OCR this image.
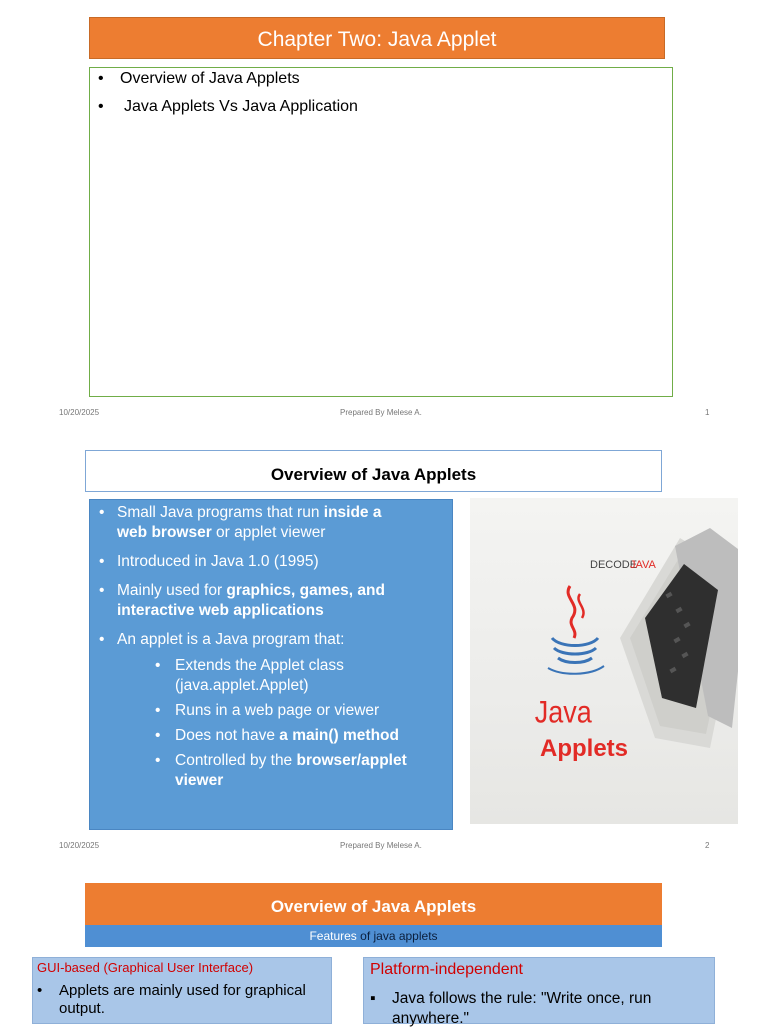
Chapter Two: Java Applet
• Overview of Java Applets
• Java Applets Vs Java Application
10/20/2025	Prepared By Melese A.	1
Overview of Java Applets
• Small Java programs that run inside a
web browser or applet viewer
• Introduced in Java 1.0 (1995)
• Mainly used for graphics, games, and
interactive web applications
• An applet is a Java program that:
• Extends the Applet class
(java.applet.Applet)
• Runs in a web page or viewer
• Does not have a main() method
• Controlled by the browser/applet
viewer
DECODE
JAVA
Java
Applets
10/20/2025	Prepared By Melese A.	2
Overview of Java Applets
Features of java applets
GUI-based (Graphical User Interface)
• Applets are mainly used for graphical
output.
Platform-independent
▪ Java follows the rule: "Write once, run
anywhere."
